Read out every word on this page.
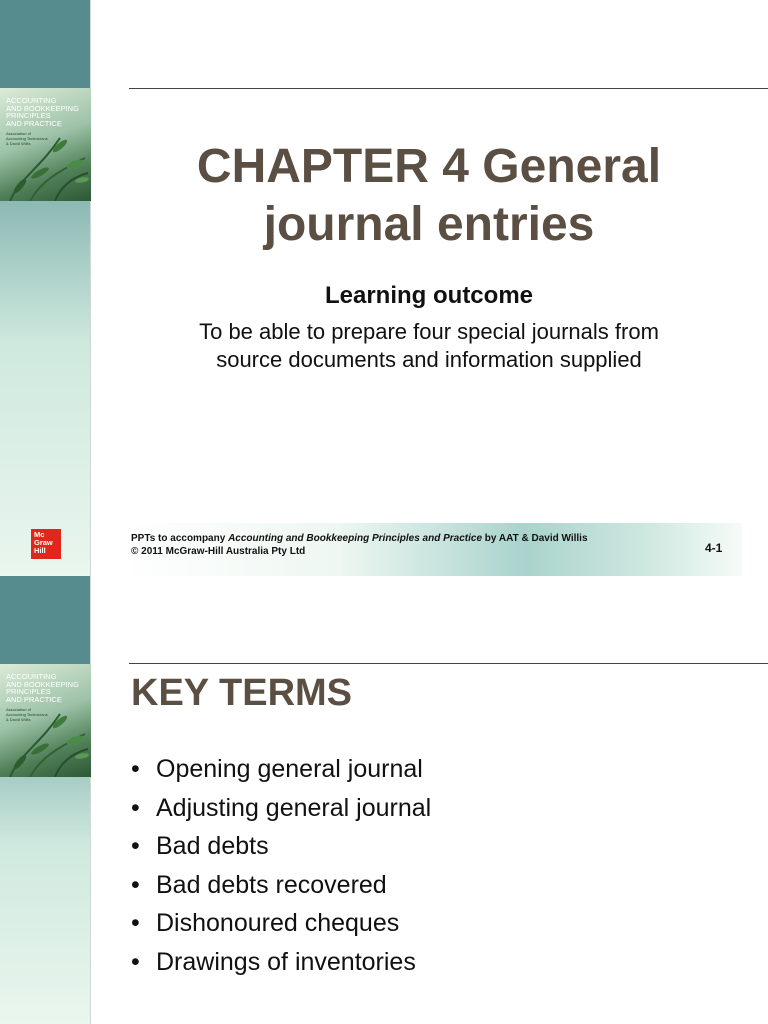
ACCOUNTING
AND BOOKKEEPING
PRINCIPLES
AND PRACTICE
Association of
Accounting Technicians
& David Willis
Mc
Graw
Hill
CHAPTER 4 General journal entries
Learning outcome
To be able to prepare four special journals from source documents and information supplied
PPTs to accompany Accounting and Bookkeeping Principles and Practice by AAT & David Willis
© 2011 McGraw-Hill Australia Pty Ltd	4-1
ACCOUNTING
AND BOOKKEEPING
PRINCIPLES
AND PRACTICE
Association of
Accounting Technicians
& David Willis
KEY TERMS
• Opening general journal
• Adjusting general journal
• Bad debts
• Bad debts recovered
• Dishonoured cheques
• Drawings of inventories
